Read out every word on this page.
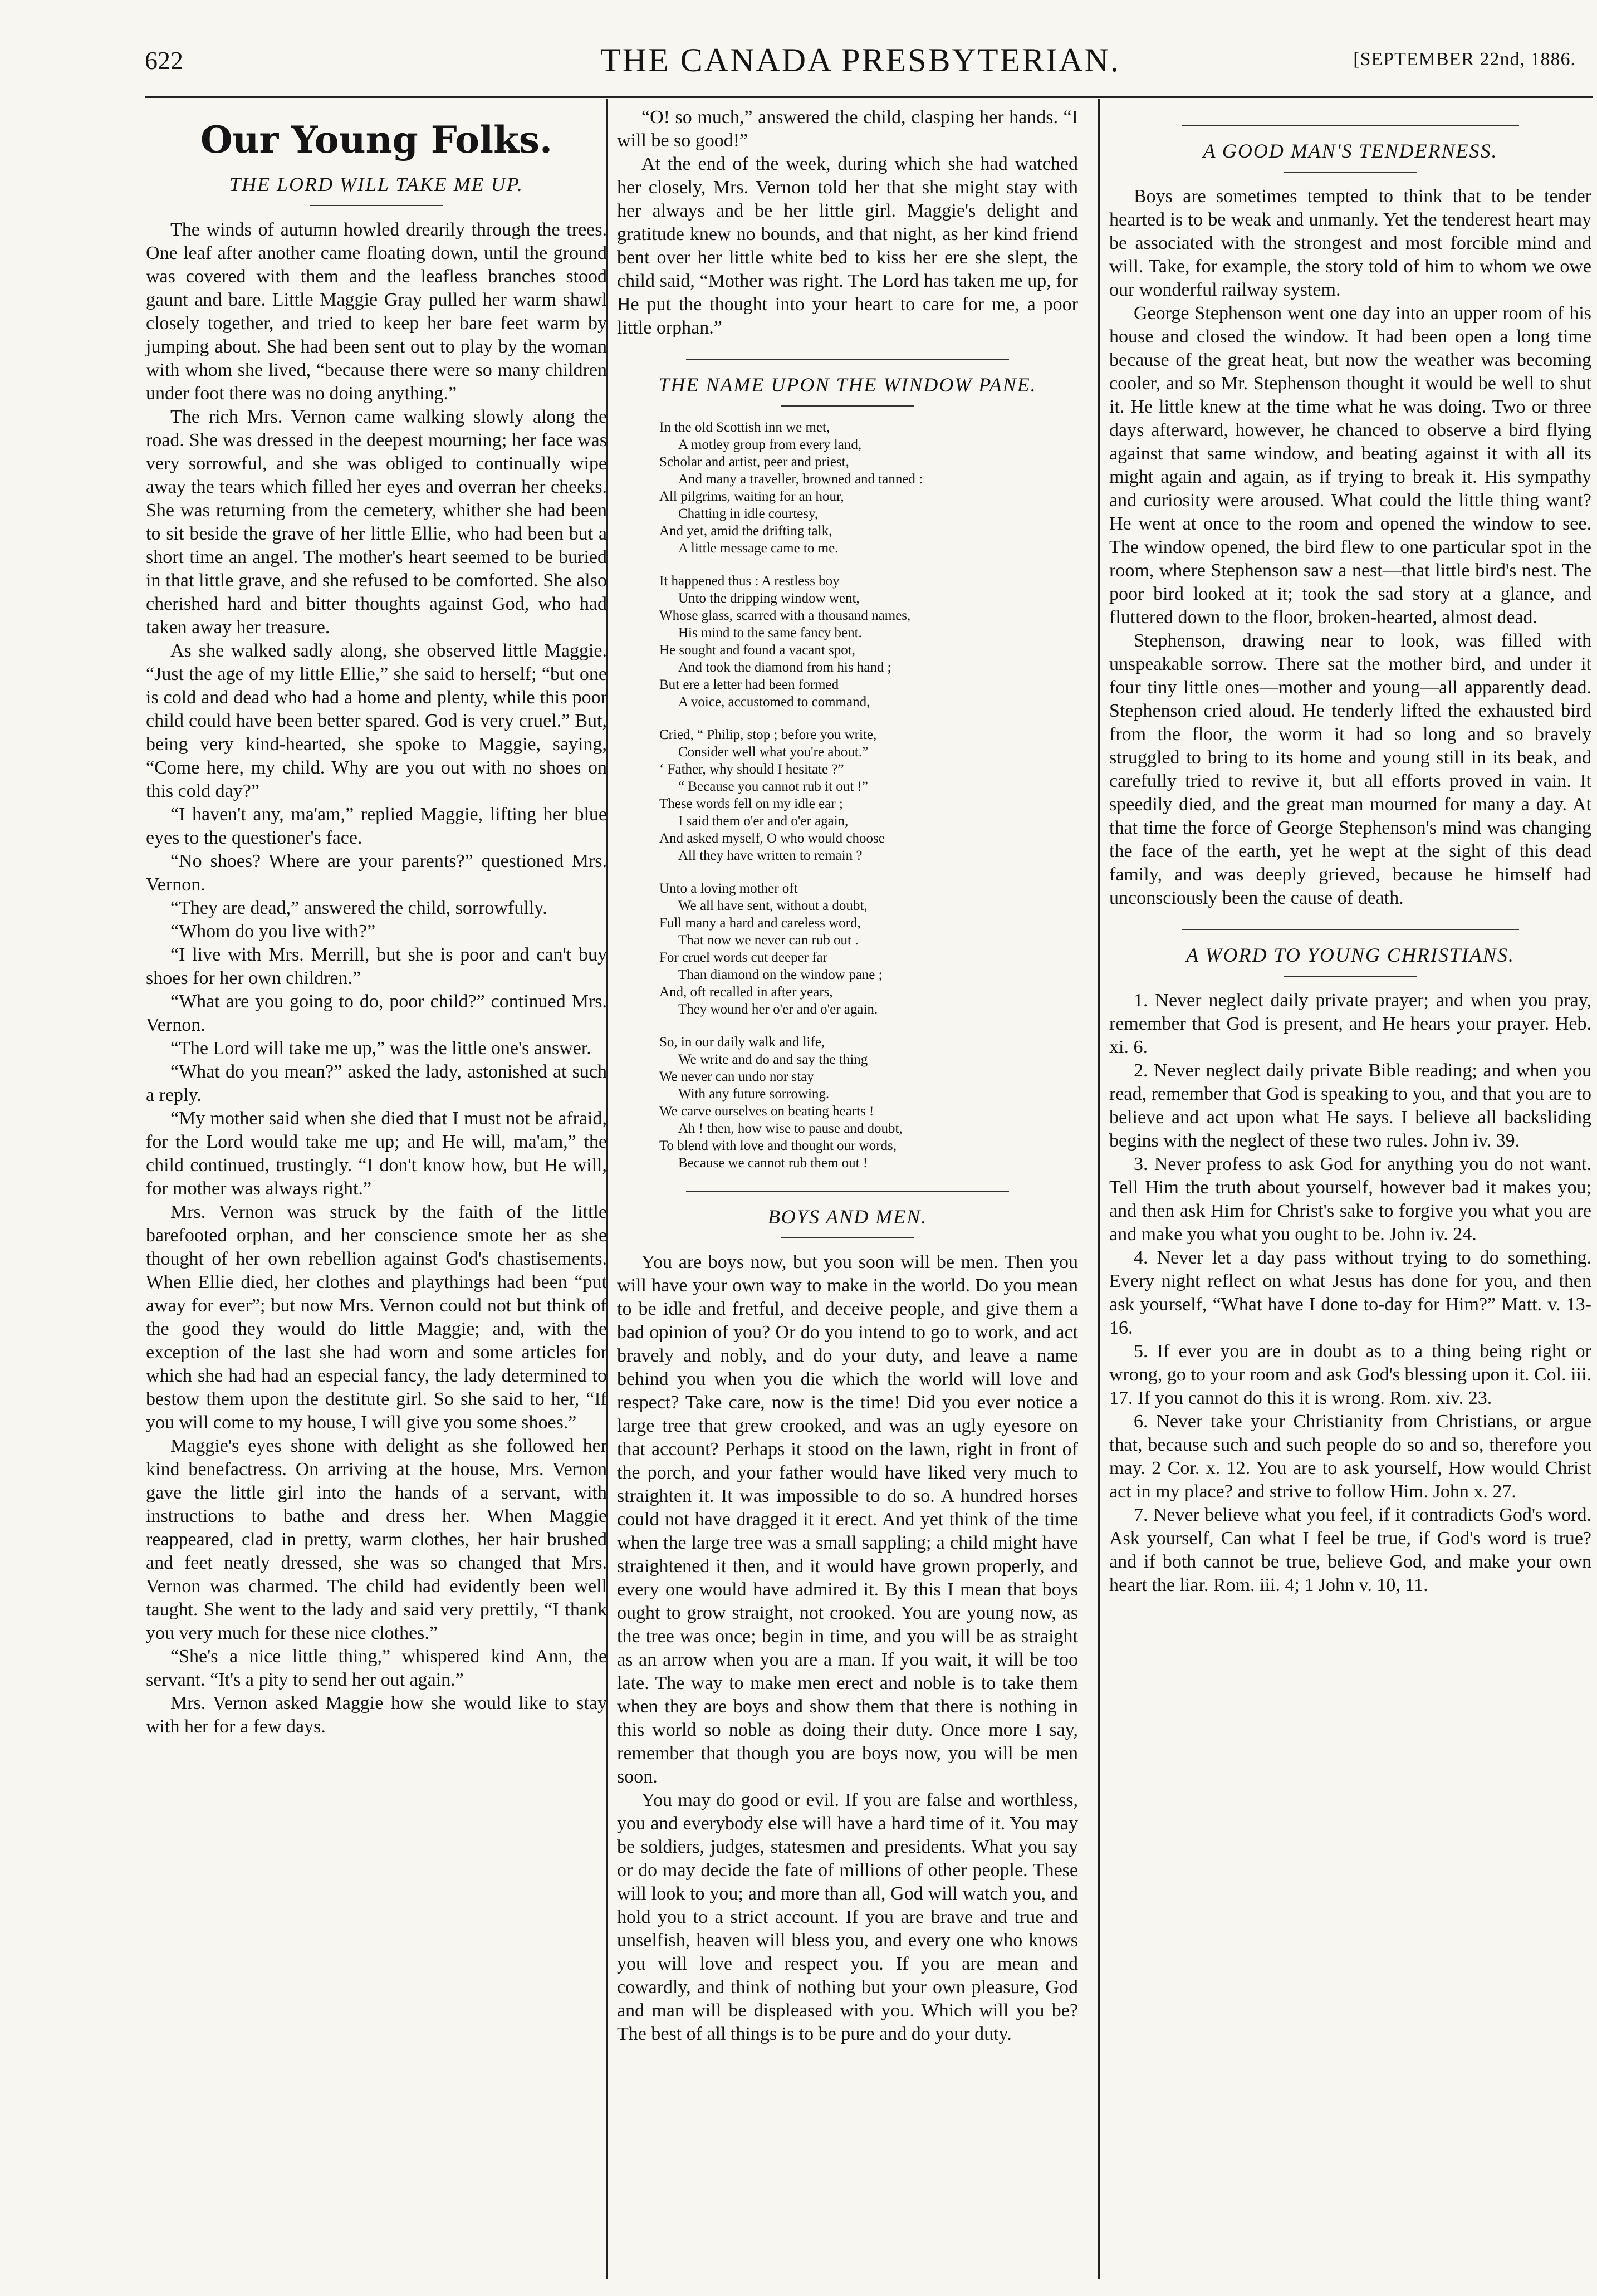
622	THE CANADA PRESBYTERIAN.	[SEPTEMBER 22nd, 1886.
Our Young Folks.
THE LORD WILL TAKE ME UP.

The winds of autumn howled drearily through the trees. One leaf after another came floating down, until the ground was covered with them and the leafless branches stood gaunt and bare. Little Maggie Gray pulled her warm shawl closely together, and tried to keep her bare feet warm by jumping about. She had been sent out to play by the woman with whom she lived, “because there were so many children under foot there was no doing anything.”

The rich Mrs. Vernon came walking slowly along the road. She was dressed in the deepest mourning; her face was very sorrowful, and she was obliged to continually wipe away the tears which filled her eyes and overran her cheeks. She was returning from the cemetery, whither she had been to sit beside the grave of her little Ellie, who had been but a short time an angel. The mother's heart seemed to be buried in that little grave, and she refused to be comforted. She also cherished hard and bitter thoughts against God, who had taken away her treasure.

As she walked sadly along, she observed little Maggie. “Just the age of my little Ellie,” she said to herself; “but one is cold and dead who had a home and plenty, while this poor child could have been better spared. God is very cruel.” But, being very kind-hearted, she spoke to Maggie, saying, “Come here, my child. Why are you out with no shoes on this cold day?”

“I haven't any, ma'am,” replied Maggie, lifting her blue eyes to the questioner's face.

“No shoes? Where are your parents?” questioned Mrs. Vernon.

“They are dead,” answered the child, sorrowfully.

“Whom do you live with?”

“I live with Mrs. Merrill, but she is poor and can't buy shoes for her own children.”

“What are you going to do, poor child?” continued Mrs. Vernon.

“The Lord will take me up,” was the little one's answer.

“What do you mean?” asked the lady, astonished at such a reply.

“My mother said when she died that I must not be afraid, for the Lord would take me up; and He will, ma'am,” the child continued, trustingly. “I don't know how, but He will, for mother was always right.”

Mrs. Vernon was struck by the faith of the little barefooted orphan, and her conscience smote her as she thought of her own rebellion against God's chastisements. When Ellie died, her clothes and playthings had been “put away for ever”; but now Mrs. Vernon could not but think of the good they would do little Maggie; and, with the exception of the last she had worn and some articles for which she had had an especial fancy, the lady determined to bestow them upon the destitute girl. So she said to her, “If you will come to my house, I will give you some shoes.”

Maggie's eyes shone with delight as she followed her kind benefactress. On arriving at the house, Mrs. Vernon gave the little girl into the hands of a servant, with instructions to bathe and dress her. When Maggie reappeared, clad in pretty, warm clothes, her hair brushed and feet neatly dressed, she was so changed that Mrs. Vernon was charmed. The child had evidently been well taught. She went to the lady and said very prettily, “I thank you very much for these nice clothes.”

“She's a nice little thing,” whispered kind Ann, the servant. “It's a pity to send her out again.”

Mrs. Vernon asked Maggie how she would like to stay with her for a few days.

“O! so much,” answered the child, clasping her hands. “I will be so good!”

At the end of the week, during which she had watched her closely, Mrs. Vernon told her that she might stay with her always and be her little girl. Maggie's delight and gratitude knew no bounds, and that night, as her kind friend bent over her little white bed to kiss her ere she slept, the child said, “Mother was right. The Lord has taken me up, for He put the thought into your heart to care for me, a poor little orphan.”

THE NAME UPON THE WINDOW PANE.
In the old Scottish inn we met,
A motley group from every land,
Scholar and artist, peer and priest,
And many a traveller, browned and tanned :
All pilgrims, waiting for an hour,
Chatting in idle courtesy,
And yet, amid the drifting talk,
A little message came to me.
It happened thus : A restless boy
Unto the dripping window went,
Whose glass, scarred with a thousand names,
His mind to the same fancy bent.
He sought and found a vacant spot,
And took the diamond from his hand ;
But ere a letter had been formed
A voice, accustomed to command,
Cried, “ Philip, stop ; before you write,
Consider well what you're about.”
‘ Father, why should I hesitate ?”
“ Because you cannot rub it out !”
These words fell on my idle ear ;
I said them o'er and o'er again,
And asked myself, O who would choose
All they have written to remain ?
Unto a loving mother oft
We all have sent, without a doubt,
Full many a hard and careless word,
That now we never can rub out .
For cruel words cut deeper far
Than diamond on the window pane ;
And, oft recalled in after years,
They wound her o'er and o'er again.
So, in our daily walk and life,
We write and do and say the thing
We never can undo nor stay
With any future sorrowing.
We carve ourselves on beating hearts !
Ah ! then, how wise to pause and doubt,
To blend with love and thought our words,
Because we cannot rub them out !
BOYS AND MEN.

You are boys now, but you soon will be men. Then you will have your own way to make in the world. Do you mean to be idle and fretful, and deceive people, and give them a bad opinion of you? Or do you intend to go to work, and act bravely and nobly, and do your duty, and leave a name behind you when you die which the world will love and respect? Take care, now is the time! Did you ever notice a large tree that grew crooked, and was an ugly eyesore on that account? Perhaps it stood on the lawn, right in front of the porch, and your father would have liked very much to straighten it. It was impossible to do so. A hundred horses could not have dragged it it erect. And yet think of the time when the large tree was a small sappling; a child might have straightened it then, and it would have grown properly, and every one would have admired it. By this I mean that boys ought to grow straight, not crooked. You are young now, as the tree was once; begin in time, and you will be as straight as an arrow when you are a man. If you wait, it will be too late. The way to make men erect and noble is to take them when they are boys and show them that there is nothing in this world so noble as doing their duty. Once more I say, remember that though you are boys now, you will be men soon.

You may do good or evil. If you are false and worthless, you and everybody else will have a hard time of it. You may be soldiers, judges, statesmen and presidents. What you say or do may decide the fate of millions of other people. These will look to you; and more than all, God will watch you, and hold you to a strict account. If you are brave and true and unselfish, heaven will bless you, and every one who knows you will love and respect you. If you are mean and cowardly, and think of nothing but your own pleasure, God and man will be displeased with you. Which will you be? The best of all things is to be pure and do your duty.

A GOOD MAN'S TENDERNESS.

Boys are sometimes tempted to think that to be tender hearted is to be weak and unmanly. Yet the tenderest heart may be associated with the strongest and most forcible mind and will. Take, for example, the story told of him to whom we owe our wonderful railway system.

George Stephenson went one day into an upper room of his house and closed the window. It had been open a long time because of the great heat, but now the weather was becoming cooler, and so Mr. Stephenson thought it would be well to shut it. He little knew at the time what he was doing. Two or three days afterward, however, he chanced to observe a bird flying against that same window, and beating against it with all its might again and again, as if trying to break it. His sympathy and curiosity were aroused. What could the little thing want? He went at once to the room and opened the window to see. The window opened, the bird flew to one particular spot in the room, where Stephenson saw a nest—that little bird's nest. The poor bird looked at it; took the sad story at a glance, and fluttered down to the floor, broken-hearted, almost dead.

Stephenson, drawing near to look, was filled with unspeakable sorrow. There sat the mother bird, and under it four tiny little ones—mother and young—all apparently dead. Stephenson cried aloud. He tenderly lifted the exhausted bird from the floor, the worm it had so long and so bravely struggled to bring to its home and young still in its beak, and carefully tried to revive it, but all efforts proved in vain. It speedily died, and the great man mourned for many a day. At that time the force of George Stephenson's mind was changing the face of the earth, yet he wept at the sight of this dead family, and was deeply grieved, because he himself had unconsciously been the cause of death.

A WORD TO YOUNG CHRISTIANS.

1. Never neglect daily private prayer; and when you pray, remember that God is present, and He hears your prayer. Heb. xi. 6.

2. Never neglect daily private Bible reading; and when you read, remember that God is speaking to you, and that you are to believe and act upon what He says. I believe all backsliding begins with the neglect of these two rules. John iv. 39.

3. Never profess to ask God for anything you do not want. Tell Him the truth about yourself, however bad it makes you; and then ask Him for Christ's sake to forgive you what you are and make you what you ought to be. John iv. 24.

4. Never let a day pass without trying to do something. Every night reflect on what Jesus has done for you, and then ask yourself, “What have I done to-day for Him?” Matt. v. 13-16.

5. If ever you are in doubt as to a thing being right or wrong, go to your room and ask God's blessing upon it. Col. iii. 17. If you cannot do this it is wrong. Rom. xiv. 23.

6. Never take your Christianity from Christians, or argue that, because such and such people do so and so, therefore you may. 2 Cor. x. 12. You are to ask yourself, How would Christ act in my place? and strive to follow Him. John x. 27.

7. Never believe what you feel, if it contradicts God's word. Ask yourself, Can what I feel be true, if God's word is true? and if both cannot be true, believe God, and make your own heart the liar. Rom. iii. 4; 1 John v. 10, 11.
